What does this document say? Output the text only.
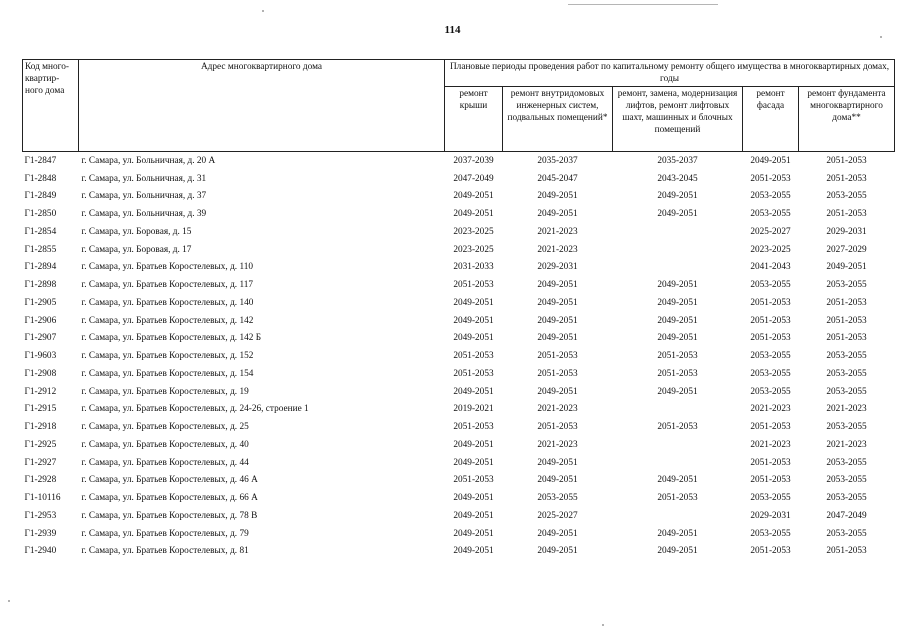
114
Код много-квартир-ного дома	Адрес многоквартирного дома	Плановые периоды проведения работ по капитальному ремонту общего имущества в многоквартирных домах, годы				
		ремонт крыши	ремонт внутридомовых инженерных систем, подвальных помещений*	ремонт, замена, модернизация лифтов, ремонт лифтовых шахт, машинных и блочных помещений	ремонт фасада	ремонт фундамента многоквартирного дома**
Г1-2847	г. Самара, ул. Больничная, д. 20 А	2037-2039	2035-2037	2035-2037	2049-2051	2051-2053
Г1-2848	г. Самара, ул. Больничная, д. 31	2047-2049	2045-2047	2043-2045	2051-2053	2051-2053
Г1-2849	г. Самара, ул. Больничная, д. 37	2049-2051	2049-2051	2049-2051	2053-2055	2053-2055
Г1-2850	г. Самара, ул. Больничная, д. 39	2049-2051	2049-2051	2049-2051	2053-2055	2051-2053
Г1-2854	г. Самара, ул. Боровая, д. 15	2023-2025	2021-2023		2025-2027	2029-2031
Г1-2855	г. Самара, ул. Боровая, д. 17	2023-2025	2021-2023		2023-2025	2027-2029
Г1-2894	г. Самара, ул. Братьев Коростелевых, д. 110	2031-2033	2029-2031		2041-2043	2049-2051
Г1-2898	г. Самара, ул. Братьев Коростелевых, д. 117	2051-2053	2049-2051	2049-2051	2053-2055	2053-2055
Г1-2905	г. Самара, ул. Братьев Коростелевых, д. 140	2049-2051	2049-2051	2049-2051	2051-2053	2051-2053
Г1-2906	г. Самара, ул. Братьев Коростелевых, д. 142	2049-2051	2049-2051	2049-2051	2051-2053	2051-2053
Г1-2907	г. Самара, ул. Братьев Коростелевых, д. 142 Б	2049-2051	2049-2051	2049-2051	2051-2053	2051-2053
Г1-9603	г. Самара, ул. Братьев Коростелевых, д. 152	2051-2053	2051-2053	2051-2053	2053-2055	2053-2055
Г1-2908	г. Самара, ул. Братьев Коростелевых, д. 154	2051-2053	2051-2053	2051-2053	2053-2055	2053-2055
Г1-2912	г. Самара, ул. Братьев Коростелевых, д. 19	2049-2051	2049-2051	2049-2051	2053-2055	2053-2055
Г1-2915	г. Самара, ул. Братьев Коростелевых, д. 24-26, строение 1	2019-2021	2021-2023		2021-2023	2021-2023
Г1-2918	г. Самара, ул. Братьев Коростелевых, д. 25	2051-2053	2051-2053	2051-2053	2051-2053	2053-2055
Г1-2925	г. Самара, ул. Братьев Коростелевых, д. 40	2049-2051	2021-2023		2021-2023	2021-2023
Г1-2927	г. Самара, ул. Братьев Коростелевых, д. 44	2049-2051	2049-2051		2051-2053	2053-2055
Г1-2928	г. Самара, ул. Братьев Коростелевых, д. 46 А	2051-2053	2049-2051	2049-2051	2051-2053	2053-2055
Г1-10116	г. Самара, ул. Братьев Коростелевых, д. 66 А	2049-2051	2053-2055	2051-2053	2053-2055	2053-2055
Г1-2953	г. Самара, ул. Братьев Коростелевых, д. 78 В	2049-2051	2025-2027		2029-2031	2047-2049
Г1-2939	г. Самара, ул. Братьев Коростелевых, д. 79	2049-2051	2049-2051	2049-2051	2053-2055	2053-2055
Г1-2940	г. Самара, ул. Братьев Коростелевых, д. 81	2049-2051	2049-2051	2049-2051	2051-2053	2051-2053
